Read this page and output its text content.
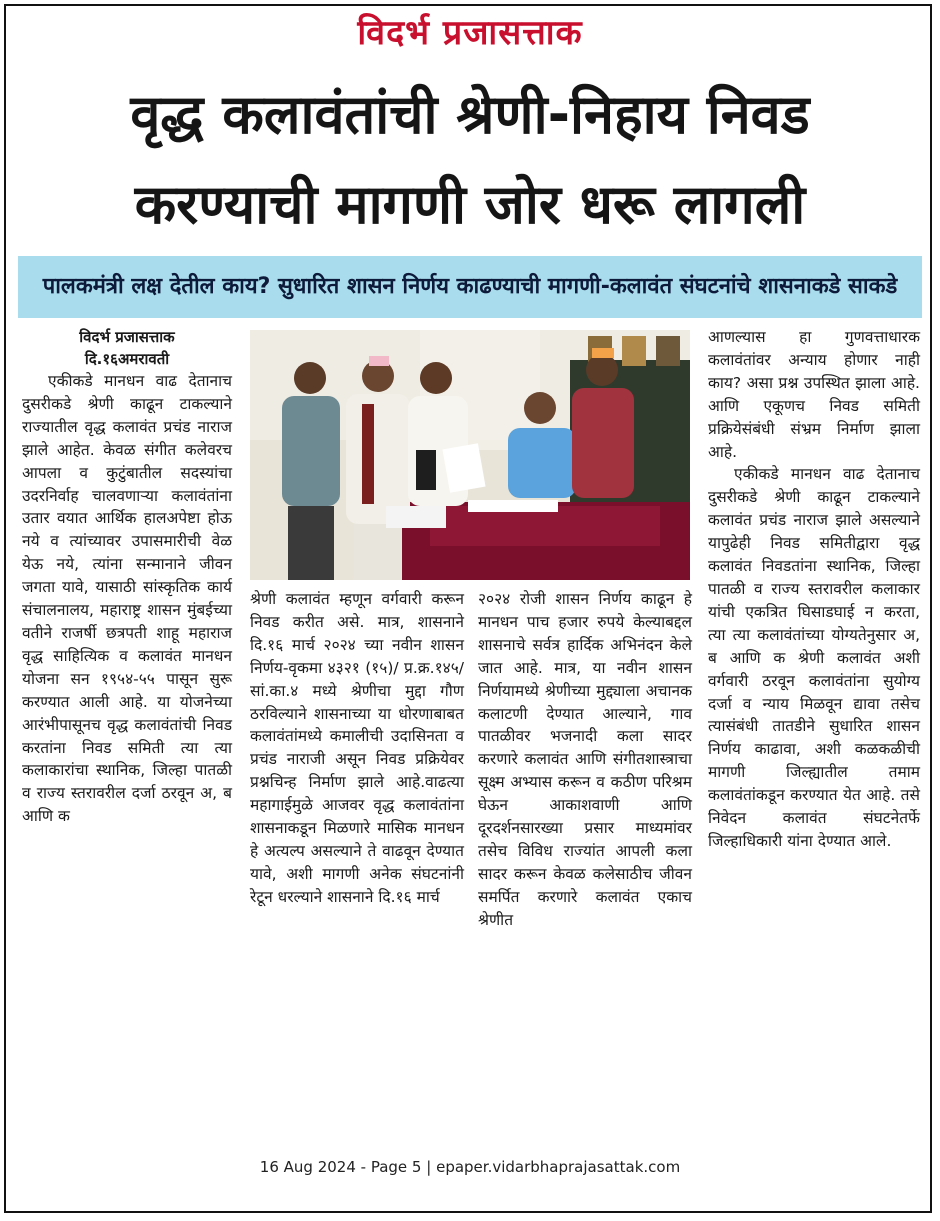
विदर्भ प्रजासत्ताक
वृद्ध कलावंतांची श्रेणी-निहाय निवड
करण्याची मागणी जोर धरू लागली
पालकमंत्री लक्ष देतील काय? सुधारित शासन निर्णय काढण्याची मागणी-कलावंत संघटनांचे शासनाकडे साकडे
विदर्भ प्रजासत्ताक
दि.१६अमरावती

एकीकडे मानधन वाढ देतानाच दुसरीकडे श्रेणी काढून टाकल्याने राज्यातील वृद्ध कलावंत प्रचंड नाराज झाले आहेत. केवळ संगीत कलेवरच आपला व कुटुंबातील सदस्यांचा उदरनिर्वाह चालवणाऱ्या कलावंतांना उतार वयात आर्थिक हालअपेष्टा होऊ नये व त्यांच्यावर उपासमारीची वेळ येऊ नये, त्यांना सन्मानाने जीवन जगता यावे, यासाठी सांस्कृतिक कार्य संचालनालय, महाराष्ट्र शासन मुंबईच्या वतीने राजर्षी छत्रपती शाहू महाराज वृद्ध साहित्यिक व कलावंत मानधन योजना सन १९५४-५५ पासून सुरू करण्यात आली आहे. या योजनेच्या आरंभीपासूनच वृद्ध कलावंतांची निवड करतांना निवड समिती त्या त्या कलाकारांचा स्थानिक, जिल्हा पातळी व राज्य स्तरावरील दर्जा ठरवून अ, ब आणि क

श्रेणी कलावंत म्हणून वर्गवारी करून निवड करीत असे. मात्र, शासनाने दि.१६ मार्च २०२४ च्या नवीन शासन निर्णय-वृकमा ४३२१ (१५)/ प्र.क्र.१४५/सां.का.४ मध्ये श्रेणीचा मुद्दा गौण ठरविल्याने शासनाच्या या धोरणाबाबत कलावंतांमध्ये कमालीची उदासिनता व प्रचंड नाराजी असून निवड प्रक्रियेवर प्रश्नचिन्ह निर्माण झाले आहे.वाढत्या महागाईमुळे आजवर वृद्ध कलावंतांना शासनाकडून मिळणारे मासिक मानधन हे अत्यल्प असल्याने ते वाढवून देण्यात यावे, अशी मागणी अनेक संघटनांनी रेटून धरल्याने शासनाने दि.१६ मार्च

२०२४ रोजी शासन निर्णय काढून हे मानधन पाच हजार रुपये केल्याबद्दल शासनाचे सर्वत्र हार्दिक अभिनंदन केले जात आहे. मात्र, या नवीन शासन निर्णयामध्ये श्रेणीच्या मुद्द्याला अचानक कलाटणी देण्यात आल्याने, गाव पातळीवर भजनादी कला सादर करणारे कलावंत आणि संगीतशास्त्राचा सूक्ष्म अभ्यास करून व कठीण परिश्रम घेऊन आकाशवाणी आणि दूरदर्शनसारख्या प्रसार माध्यमांवर तसेच विविध राज्यांत आपली कला सादर करून केवळ कलेसाठीच जीवन समर्पित करणारे कलावंत एकाच श्रेणीत

आणल्यास हा गुणवत्ताधारक कलावंतांवर अन्याय होणार नाही काय? असा प्रश्न उपस्थित झाला आहे. आणि एकूणच निवड समिती प्रक्रियेसंबंधी संभ्रम निर्माण झाला आहे.

एकीकडे मानधन वाढ देतानाच दुसरीकडे श्रेणी काढून टाकल्याने कलावंत प्रचंड नाराज झाले असल्याने यापुढेही निवड समितीद्वारा वृद्ध कलावंत निवडतांना स्थानिक, जिल्हा पातळी व राज्य स्तरावरील कलाकार यांची एकत्रित घिसाडघाई न करता, त्या त्या कलावंतांच्या योग्यतेनुसार अ, ब आणि क श्रेणी कलावंत अशी वर्गवारी ठरवून कलावंतांना सुयोग्य दर्जा व न्याय मिळवून द्यावा तसेच त्यासंबंधी तातडीने सुधारित शासन निर्णय काढावा, अशी कळकळीची मागणी जिल्ह्यातील तमाम कलावंतांकडून करण्यात येत आहे. तसे निवेदन कलावंत संघटनेतर्फे जिल्हाधिकारी यांना देण्यात आले.

16 Aug 2024 - Page 5 | epaper.vidarbhaprajasattak.com
